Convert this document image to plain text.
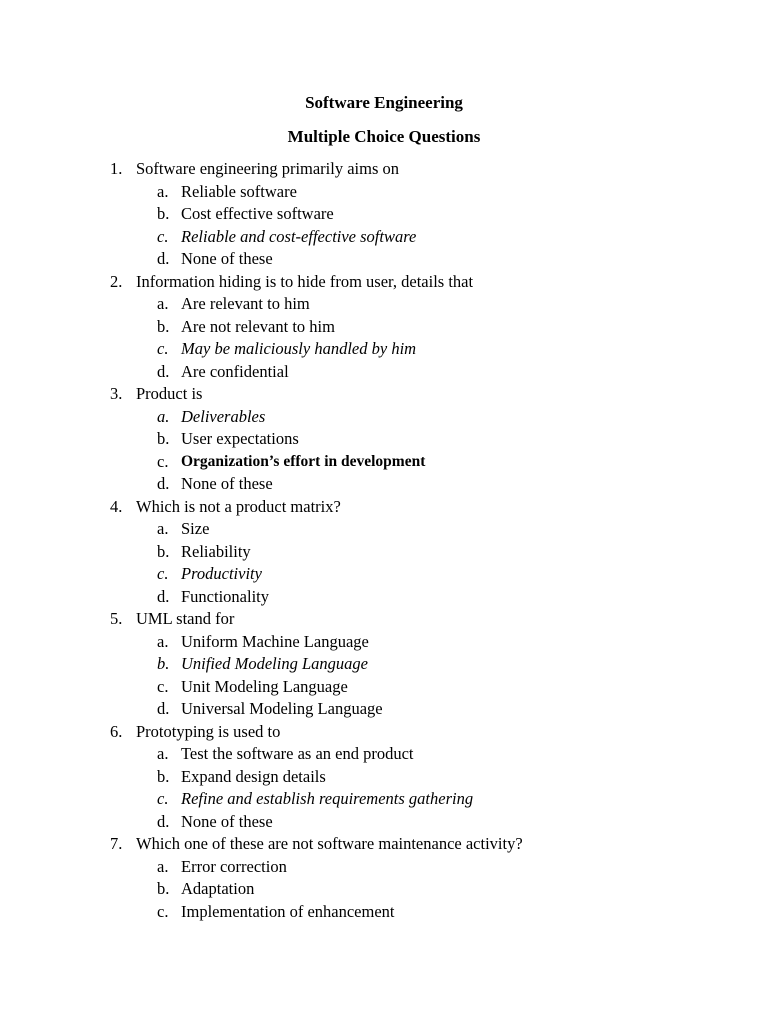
Software Engineering
Multiple Choice Questions
1. Software engineering primarily aims on
a. Reliable software
b. Cost effective software
c. Reliable and cost-effective software
d. None of these
2. Information hiding is to hide from user, details that
a. Are relevant to him
b. Are not relevant to him
c. May be maliciously handled by him
d. Are confidential
3. Product is
a. Deliverables
b. User expectations
c. Organization’s effort in development
d. None of these
4. Which is not a product matrix?
a. Size
b. Reliability
c. Productivity
d. Functionality
5. UML stand for
a. Uniform Machine Language
b. Unified Modeling Language
c. Unit Modeling Language
d. Universal Modeling Language
6. Prototyping is used to
a. Test the software as an end product
b. Expand design details
c. Refine and establish requirements gathering
d. None of these
7. Which one of these are not software maintenance activity?
a. Error correction
b. Adaptation
c. Implementation of enhancement
